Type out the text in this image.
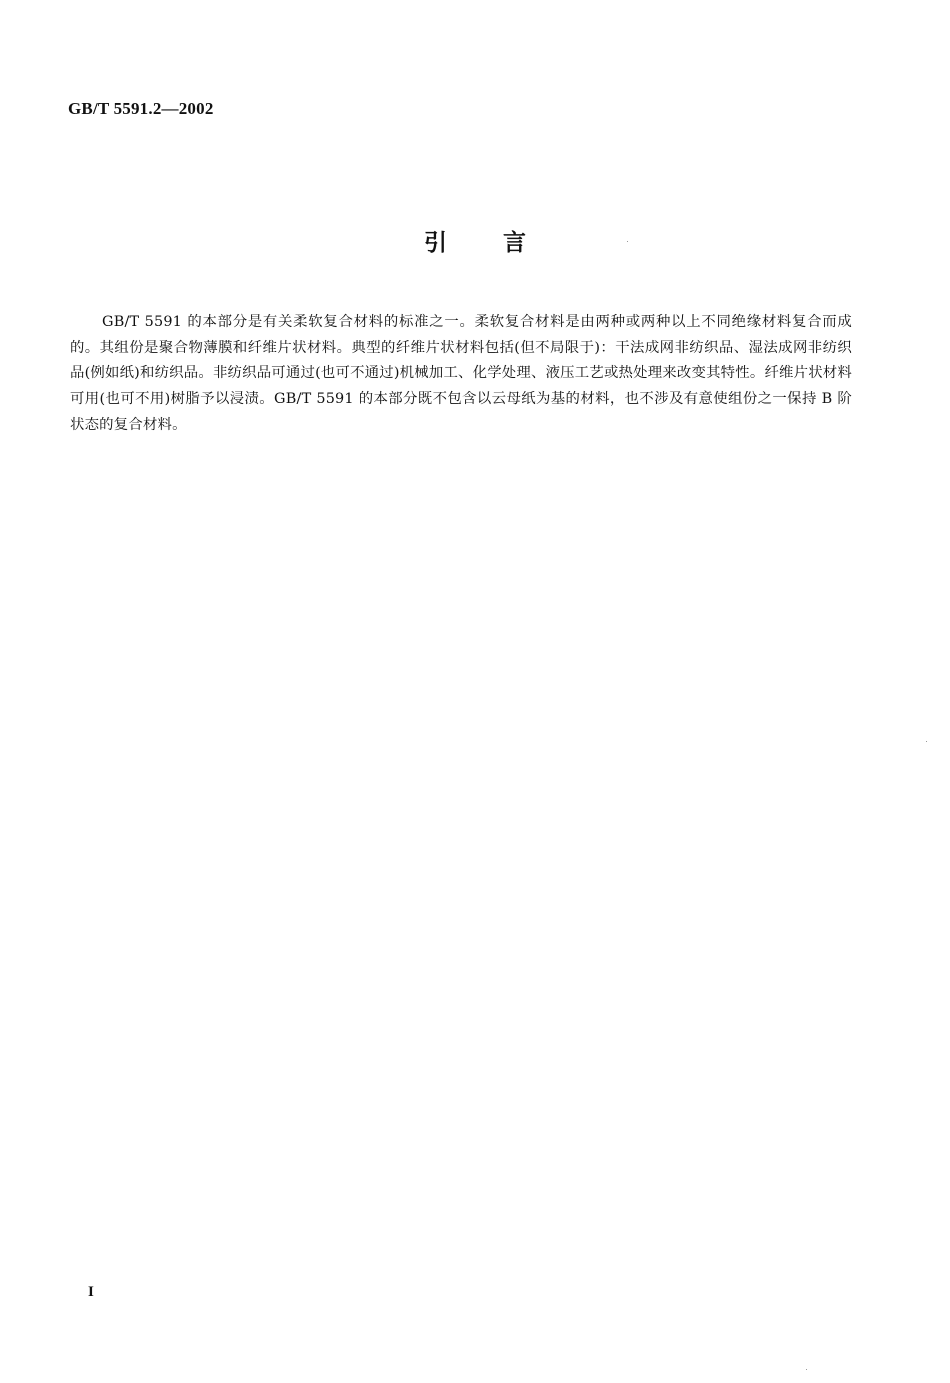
GB/T 5591.2—2002
引言

GB/T 5591 的本部分是有关柔软复合材料的标准之一。柔软复合材料是由两种或两种以上不同绝缘材料复合而成的。其组份是聚合物薄膜和纤维片状材料。典型的纤维片状材料包括(但不局限于)：干法成网非纺织品、湿法成网非纺织品(例如纸)和纺织品。非纺织品可通过(也可不通过)机械加工、化学处理、液压工艺或热处理来改变其特性。纤维片状材料可用(也可不用)树脂予以浸渍。GB/T 5591 的本部分既不包含以云母纸为基的材料，也不涉及有意使组份之一保持 B 阶状态的复合材料。

I
